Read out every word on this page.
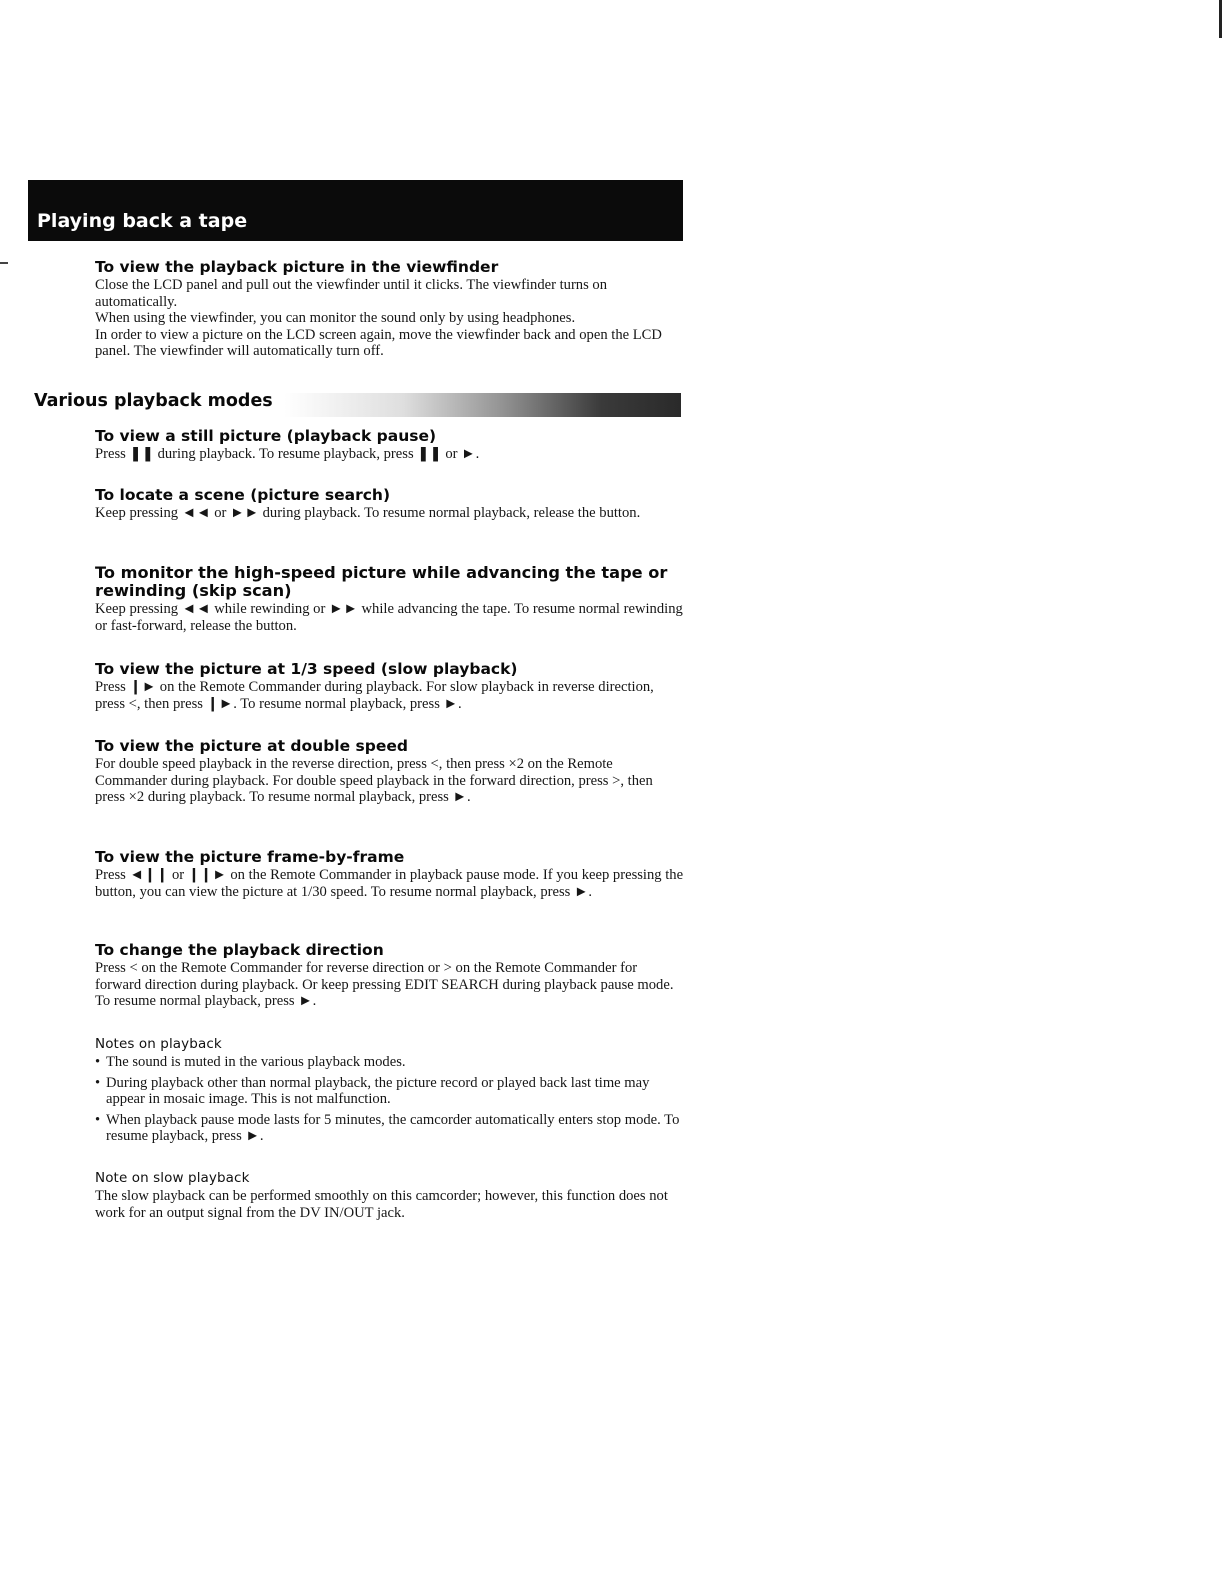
Playing back a tape
To view the playback picture in the viewfinder

Close the LCD panel and pull out the viewfinder until it clicks. The viewfinder turns on automatically.

When using the viewfinder, you can monitor the sound only by using headphones.

In order to view a picture on the LCD screen again, move the viewfinder back and open the LCD panel. The viewfinder will automatically turn off.

Various playback modes
To view a still picture (playback pause)
Press ❚❚ during playback. To resume playback, press ❚❚ or ►.
To locate a scene (picture search)
Keep pressing ◄◄ or ►► during playback. To resume normal playback, release the button.
To monitor the high-speed picture while advancing the tape or rewinding (skip scan)
Keep pressing ◄◄ while rewinding or ►► while advancing the tape. To resume normal rewinding or fast-forward, release the button.
To view the picture at 1/3 speed (slow playback)
Press ❙► on the Remote Commander during playback. For slow playback in reverse direction, press <, then press ❙►. To resume normal playback, press ►.
To view the picture at double speed
For double speed playback in the reverse direction, press <, then press ×2 on the Remote Commander during playback. For double speed playback in the forward direction, press >, then press ×2 during playback. To resume normal playback, press ►.
To view the picture frame-by-frame
Press ◄❙❙ or ❙❙► on the Remote Commander in playback pause mode. If you keep pressing the button, you can view the picture at 1/30 speed. To resume normal playback, press ►.
To change the playback direction
Press < on the Remote Commander for reverse direction or > on the Remote Commander for forward direction during playback. Or keep pressing EDIT SEARCH during playback pause mode. To resume normal playback, press ►.
Notes on playback
• The sound is muted in the various playback modes.
• During playback other than normal playback, the picture record or played back last time may appear in mosaic image. This is not malfunction.
• When playback pause mode lasts for 5 minutes, the camcorder automatically enters stop mode. To resume playback, press ►.
Note on slow playback
The slow playback can be performed smoothly on this camcorder; however, this function does not work for an output signal from the DV IN/OUT jack.
